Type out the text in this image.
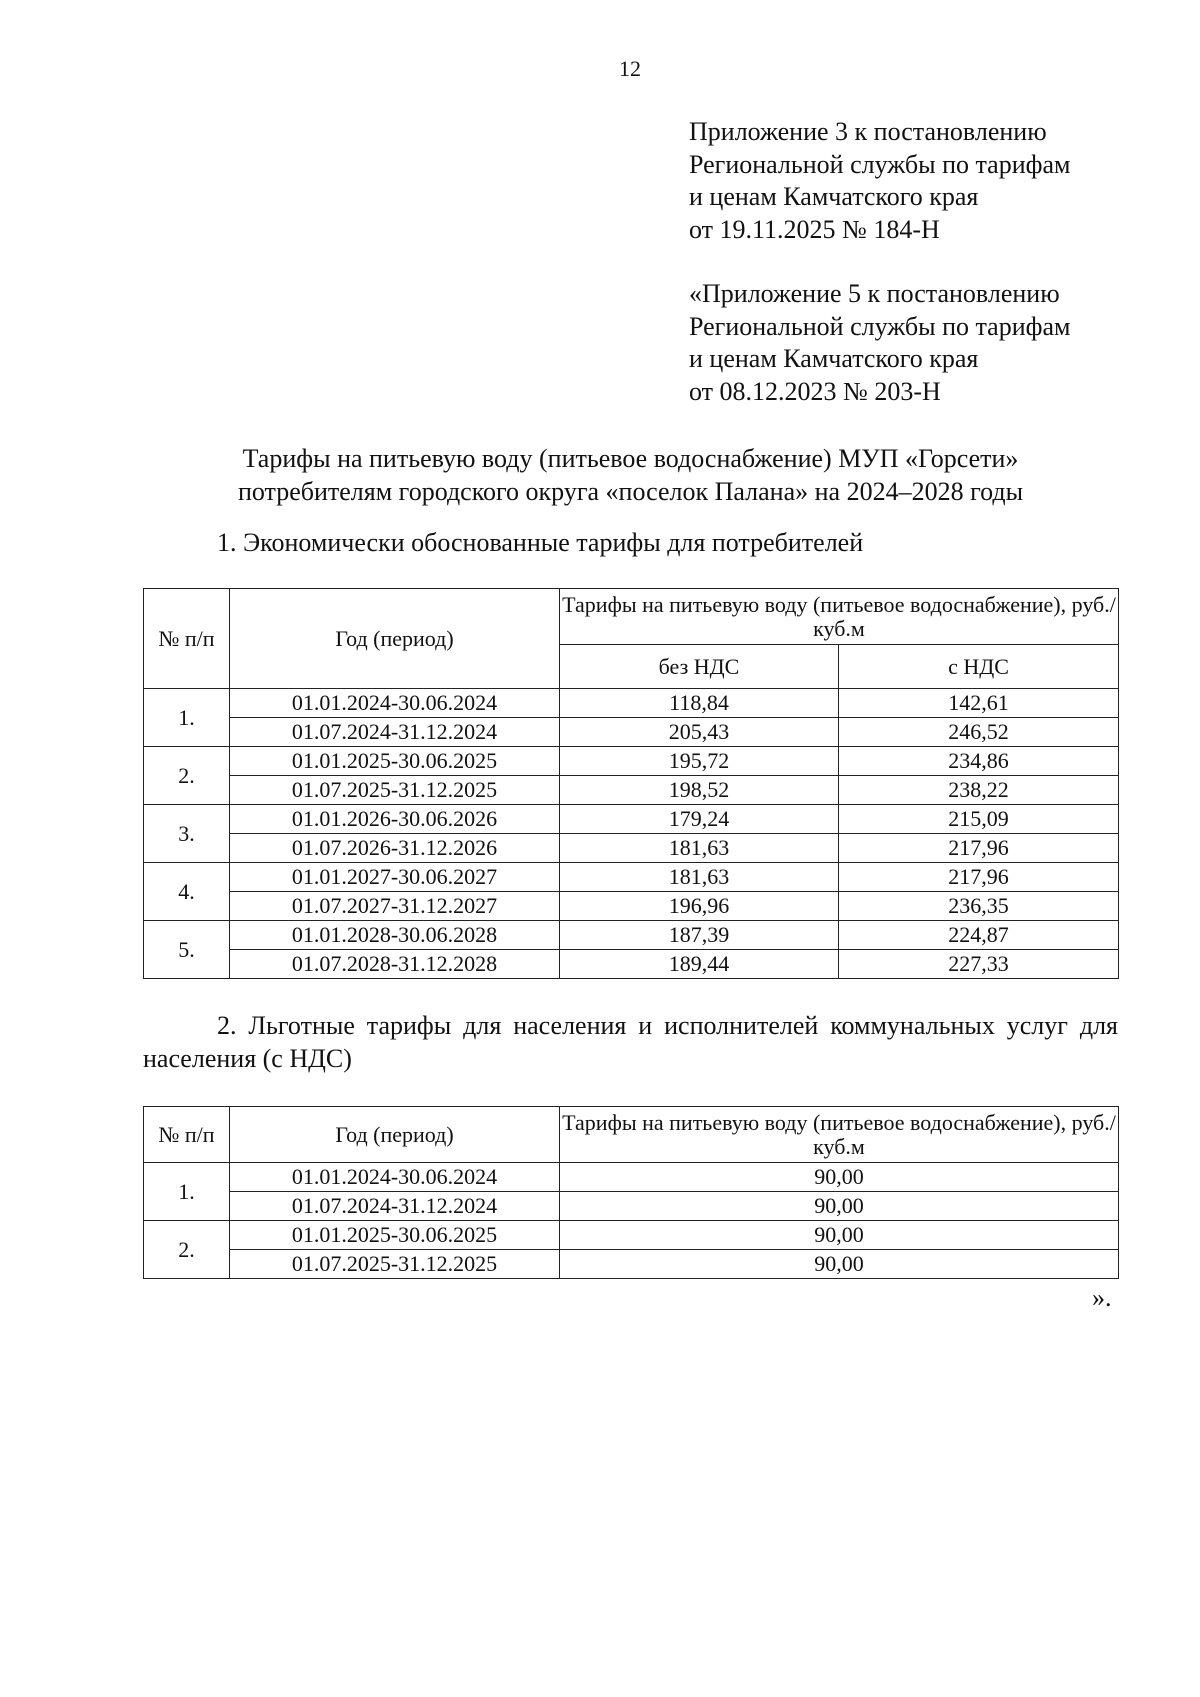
12
Приложение 3 к постановлению
Региональной службы по тарифам
и ценам Камчатского края
от 19.11.2025 № 184-Н
«Приложение 5 к постановлению
Региональной службы по тарифам
и ценам Камчатского края
от 08.12.2023 № 203-Н
Тарифы на питьевую воду (питьевое водоснабжение) МУП «Горсети»
потребителям городского округа «поселок Палана» на 2024–2028 годы
1. Экономически обоснованные тарифы для потребителей
№ п/п	Год (период)	Тарифы на питьевую воду (питьевое водоснабжение), руб./куб.м	
		без НДС	с НДС
1.	01.01.2024-30.06.2024	118,84	142,61
	01.07.2024-31.12.2024	205,43	246,52
2.	01.01.2025-30.06.2025	195,72	234,86
	01.07.2025-31.12.2025	198,52	238,22
3.	01.01.2026-30.06.2026	179,24	215,09
	01.07.2026-31.12.2026	181,63	217,96
4.	01.01.2027-30.06.2027	181,63	217,96
	01.07.2027-31.12.2027	196,96	236,35
5.	01.01.2028-30.06.2028	187,39	224,87
	01.07.2028-31.12.2028	189,44	227,33
2. Льготные тарифы для населения и исполнителей коммунальных услуг для населения (с НДС)
№ п/п	Год (период)	Тарифы на питьевую воду (питьевое водоснабжение), руб./куб.м
1.	01.01.2024-30.06.2024	90,00
	01.07.2024-31.12.2024	90,00
2.	01.01.2025-30.06.2025	90,00
	01.07.2025-31.12.2025	90,00
».
